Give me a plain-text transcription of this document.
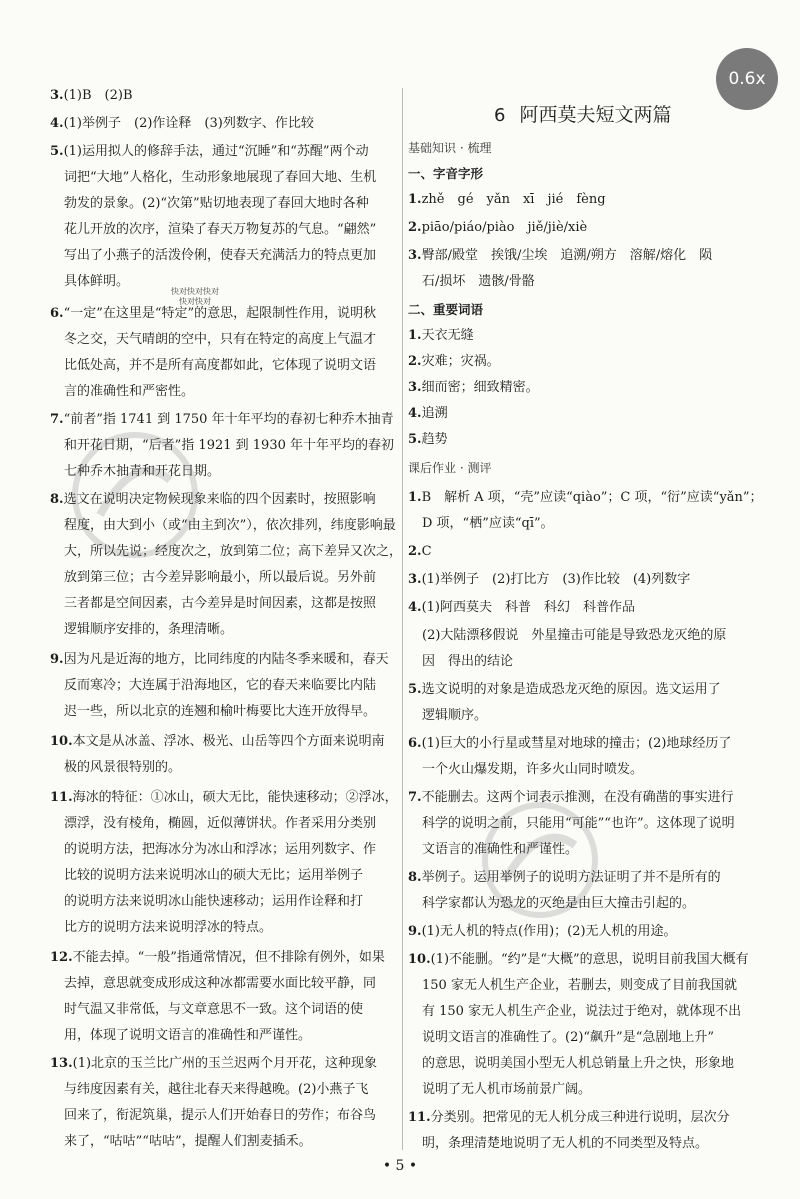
3.(1)B　(2)B
4.(1)举例子　(2)作诠释　(3)列数字、作比较
5.(1)运用拟人的修辞手法，通过“沉睡”和“苏醒”两个动
词把“大地”人格化，生动形象地展现了春回大地、生机
勃发的景象。(2)“次第”贴切地表现了春回大地时各种
花儿开放的次序，渲染了春天万物复苏的气息。“翩然”
写出了小燕子的活泼伶俐，使春天充满活力的特点更加
具体鲜明。
6.“一定”在这里是“特定”的意思，起限制性作用，说明秋
冬之交，天气晴朗的空中，只有在特定的高度上气温才
比低处高，并不是所有高度都如此，它体现了说明文语
言的准确性和严密性。
7.“前者”指 1741 到 1750 年十年平均的春初七种乔木抽青
和开花日期，“后者”指 1921 到 1930 年十年平均的春初
七种乔木抽青和开花日期。
8.选文在说明决定物候现象来临的四个因素时，按照影响
程度，由大到小（或“由主到次”），依次排列，纬度影响最
大，所以先说；经度次之，放到第二位；高下差异又次之，
放到第三位；古今差异影响最小，所以最后说。另外前
三者都是空间因素，古今差异是时间因素，这都是按照
逻辑顺序安排的，条理清晰。
9.因为凡是近海的地方，比同纬度的内陆冬季来暖和，春天
反而寒冷；大连属于沿海地区，它的春天来临要比内陆
迟一些，所以北京的连翘和榆叶梅要比大连开放得早。
10.本文是从冰盖、浮冰、极光、山岳等四个方面来说明南
极的风景很特别的。
11.海冰的特征：①冰山，硕大无比，能快速移动；②浮冰，
漂浮，没有棱角，椭圆，近似薄饼状。作者采用分类别
的说明方法，把海冰分为冰山和浮冰；运用列数字、作
比较的说明方法来说明冰山的硕大无比；运用举例子
的说明方法来说明冰山能快速移动；运用作诠释和打
比方的说明方法来说明浮冰的特点。
12.不能去掉。“一般”指通常情况，但不排除有例外，如果
去掉，意思就变成形成这种冰都需要水面比较平静，同
时气温又非常低，与文章意思不一致。这个词语的使
用，体现了说明文语言的准确性和严谨性。
13.(1)北京的玉兰比广州的玉兰迟两个月开花，这种现象
与纬度因素有关，越往北春天来得越晚。(2)小燕子飞
回来了，衔泥筑巢，提示人们开始春日的劳作；布谷鸟
来了，“咕咕”“咕咕”，提醒人们割麦插禾。
6 阿西莫夫短文两篇
基础知识 · 梳理
一、字音字形
1.zhě　gé　yǎn　xī　jié　fèng
2.piāo/piáo/piào　jiě/jiè/xiè
3.臀部/殿堂　挨饿/尘埃　追溯/朔方　溶解/熔化　陨
石/损坏　遗骸/骨骼
二、重要词语
1.天衣无缝
2.灾难；灾祸。
3.细而密；细致精密。
4.追溯
5.趋势
课后作业 · 测评
1.B　解析 A 项，“壳”应读“qiào”；C 项，“衍”应读“yǎn”；
D 项，“栖”应读“qī”。
2.C
3.(1)举例子　(2)打比方　(3)作比较　(4)列数字
4.(1)阿西莫夫　科普　科幻　科普作品
(2)大陆漂移假说　外星撞击可能是导致恐龙灭绝的原
因　得出的结论
5.选文说明的对象是造成恐龙灭绝的原因。选文运用了
逻辑顺序。
6.(1)巨大的小行星或彗星对地球的撞击；(2)地球经历了
一个火山爆发期，许多火山同时喷发。
7.不能删去。这两个词表示推测，在没有确凿的事实进行
科学的说明之前，只能用“可能”“也许”。这体现了说明
文语言的准确性和严谨性。
8.举例子。运用举例子的说明方法证明了并不是所有的
科学家都认为恐龙的灭绝是由巨大撞击引起的。
9.(1)无人机的特点(作用)；(2)无人机的用途。
10.(1)不能删。“约”是“大概”的意思，说明目前我国大概有
150 家无人机生产企业，若删去，则变成了目前我国就
有 150 家无人机生产企业，说法过于绝对，就体现不出
说明文语言的准确性了。(2)“飙升”是“急剧地上升”
的意思，说明美国小型无人机总销量上升之快，形象地
说明了无人机市场前景广阔。
11.分类别。把常见的无人机分成三种进行说明，层次分
明，条理清楚地说明了无人机的不同类型及特点。
快对快对快对
快对快对
0.6x
• 5 •
